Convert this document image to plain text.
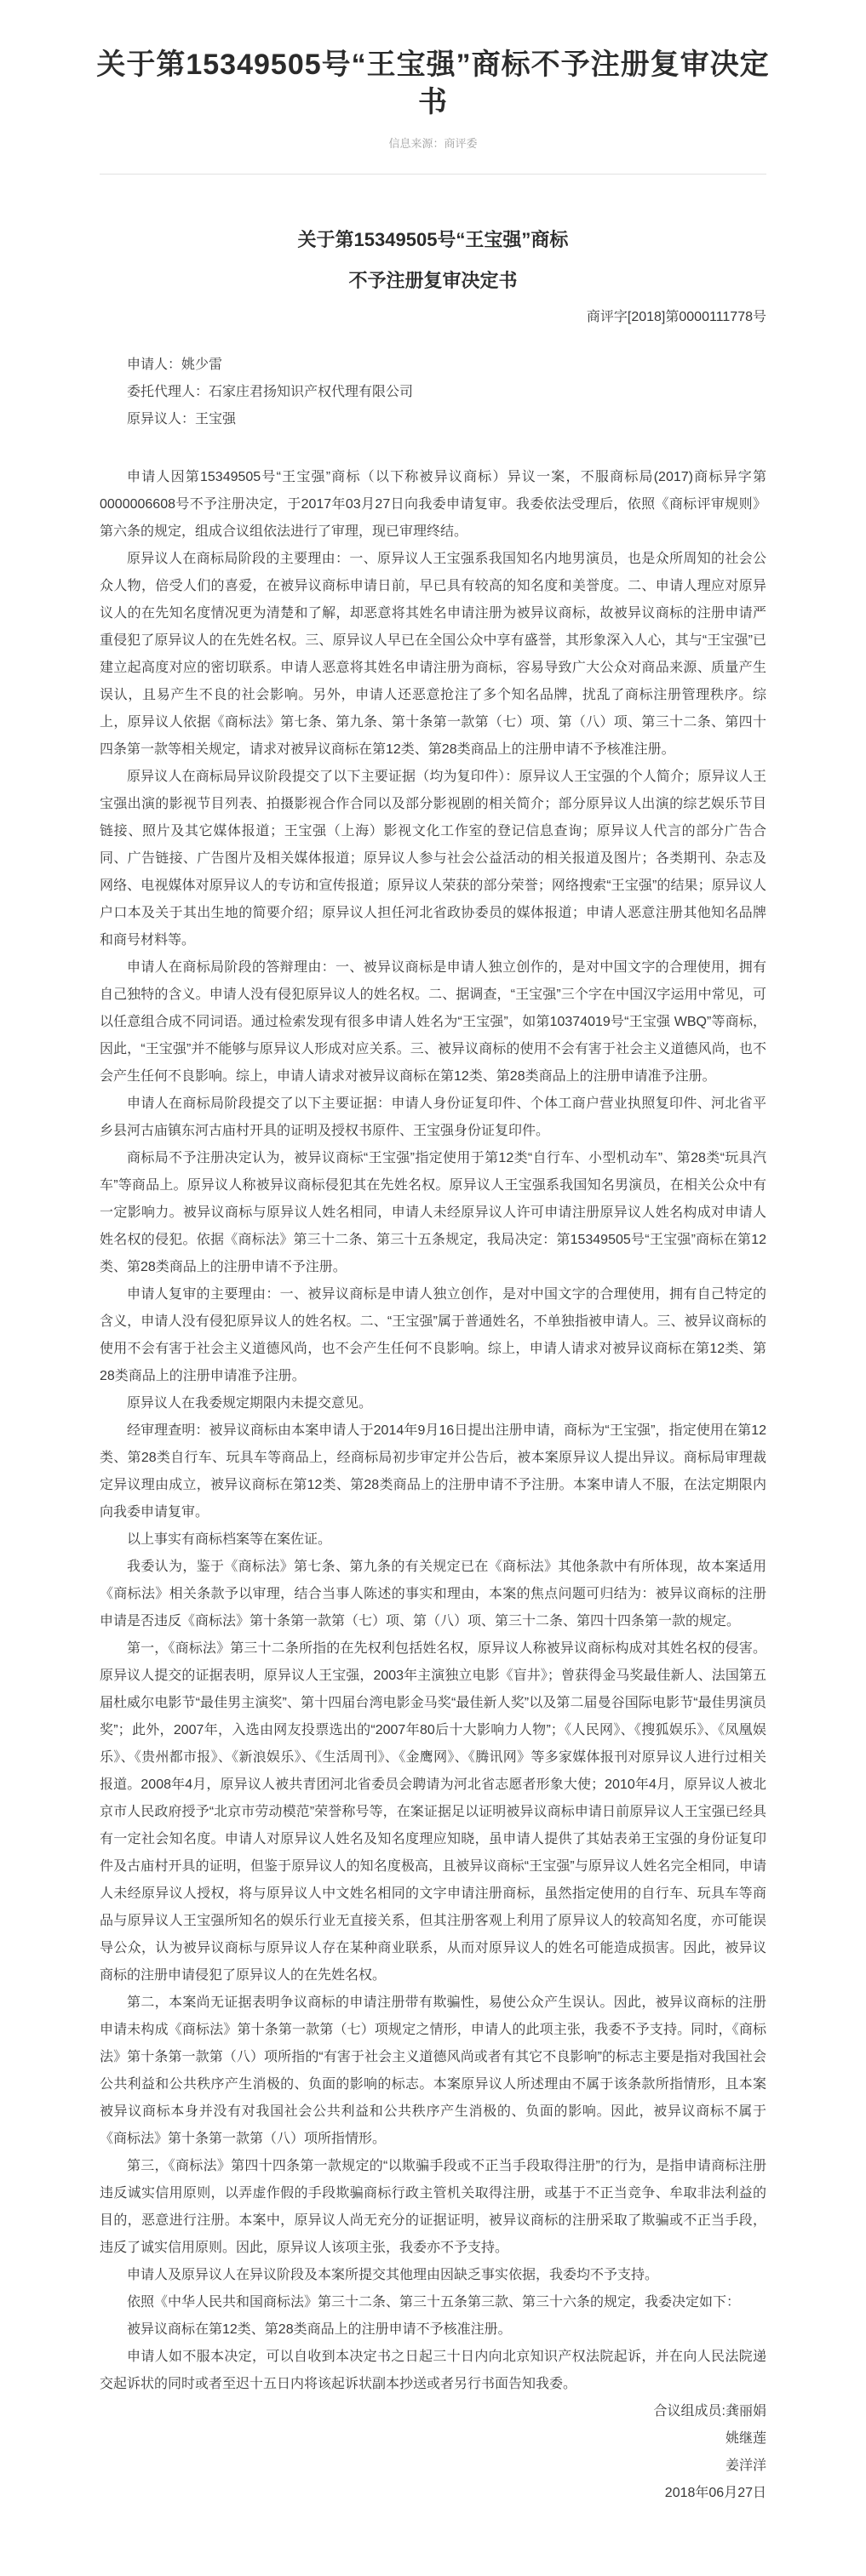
关于第15349505号“王宝强”商标不予注册复审决定书
信息来源：商评委
关于第15349505号“王宝强”商标
不予注册复审决定书

商评字[2018]第0000111778号

申请人：姚少雷

委托代理人：石家庄君扬知识产权代理有限公司

原异议人：王宝强

申请人因第15349505号“王宝强”商标（以下称被异议商标）异议一案，不服商标局(2017)商标异字第0000006608号不予注册决定，于2017年03月27日向我委申请复审。我委依法受理后，依照《商标评审规则》第六条的规定，组成合议组依法进行了审理，现已审理终结。

原异议人在商标局阶段的主要理由：一、原异议人王宝强系我国知名内地男演员，也是众所周知的社会公众人物，倍受人们的喜爱，在被异议商标申请日前，早已具有较高的知名度和美誉度。二、申请人理应对原异议人的在先知名度情况更为清楚和了解，却恶意将其姓名申请注册为被异议商标，故被异议商标的注册申请严重侵犯了原异议人的在先姓名权。三、原异议人早已在全国公众中享有盛誉，其形象深入人心，其与“王宝强”已建立起高度对应的密切联系。申请人恶意将其姓名申请注册为商标，容易导致广大公众对商品来源、质量产生误认，且易产生不良的社会影响。另外，申请人还恶意抢注了多个知名品牌，扰乱了商标注册管理秩序。综上，原异议人依据《商标法》第七条、第九条、第十条第一款第（七）项、第（八）项、第三十二条、第四十四条第一款等相关规定，请求对被异议商标在第12类、第28类商品上的注册申请不予核准注册。

原异议人在商标局异议阶段提交了以下主要证据（均为复印件）：原异议人王宝强的个人简介；原异议人王宝强出演的影视节目列表、拍摄影视合作合同以及部分影视剧的相关简介；部分原异议人出演的综艺娱乐节目链接、照片及其它媒体报道；王宝强（上海）影视文化工作室的登记信息查询；原异议人代言的部分广告合同、广告链接、广告图片及相关媒体报道；原异议人参与社会公益活动的相关报道及图片；各类期刊、杂志及网络、电视媒体对原异议人的专访和宣传报道；原异议人荣获的部分荣誉；网络搜索“王宝强”的结果；原异议人户口本及关于其出生地的简要介绍；原异议人担任河北省政协委员的媒体报道；申请人恶意注册其他知名品牌和商号材料等。

申请人在商标局阶段的答辩理由：一、被异议商标是申请人独立创作的，是对中国文字的合理使用，拥有自己独特的含义。申请人没有侵犯原异议人的姓名权。二、据调查，“王宝强”三个字在中国汉字运用中常见，可以任意组合成不同词语。通过检索发现有很多申请人姓名为“王宝强”，如第10374019号“王宝强 WBQ”等商标，因此，“王宝强”并不能够与原异议人形成对应关系。三、被异议商标的使用不会有害于社会主义道德风尚，也不会产生任何不良影响。综上，申请人请求对被异议商标在第12类、第28类商品上的注册申请准予注册。

申请人在商标局阶段提交了以下主要证据：申请人身份证复印件、个体工商户营业执照复印件、河北省平乡县河古庙镇东河古庙村开具的证明及授权书原件、王宝强身份证复印件。

商标局不予注册决定认为，被异议商标“王宝强”指定使用于第12类“自行车、小型机动车”、第28类“玩具汽车”等商品上。原异议人称被异议商标侵犯其在先姓名权。原异议人王宝强系我国知名男演员，在相关公众中有一定影响力。被异议商标与原异议人姓名相同，申请人未经原异议人许可申请注册原异议人姓名构成对申请人姓名权的侵犯。依据《商标法》第三十二条、第三十五条规定，我局决定：第15349505号“王宝强”商标在第12类、第28类商品上的注册申请不予注册。

申请人复审的主要理由：一、被异议商标是申请人独立创作，是对中国文字的合理使用，拥有自己特定的含义，申请人没有侵犯原异议人的姓名权。二、“王宝强”属于普通姓名，不单独指被申请人。三、被异议商标的使用不会有害于社会主义道德风尚，也不会产生任何不良影响。综上，申请人请求对被异议商标在第12类、第28类商品上的注册申请准予注册。

原异议人在我委规定期限内未提交意见。

经审理查明：被异议商标由本案申请人于2014年9月16日提出注册申请，商标为“王宝强”，指定使用在第12类、第28类自行车、玩具车等商品上，经商标局初步审定并公告后，被本案原异议人提出异议。商标局审理裁定异议理由成立，被异议商标在第12类、第28类商品上的注册申请不予注册。本案申请人不服，在法定期限内向我委申请复审。

以上事实有商标档案等在案佐证。

我委认为，鉴于《商标法》第七条、第九条的有关规定已在《商标法》其他条款中有所体现，故本案适用《商标法》相关条款予以审理，结合当事人陈述的事实和理由，本案的焦点问题可归结为：被异议商标的注册申请是否违反《商标法》第十条第一款第（七）项、第（八）项、第三十二条、第四十四条第一款的规定。

第一，《商标法》第三十二条所指的在先权利包括姓名权，原异议人称被异议商标构成对其姓名权的侵害。原异议人提交的证据表明，原异议人王宝强，2003年主演独立电影《盲井》；曾获得金马奖最佳新人、法国第五届杜威尔电影节“最佳男主演奖”、第十四届台湾电影金马奖“最佳新人奖”以及第二届曼谷国际电影节“最佳男演员奖”；此外，2007年，入选由网友投票选出的“2007年80后十大影响力人物”；《人民网》、《搜狐娱乐》、《凤凰娱乐》、《贵州都市报》、《新浪娱乐》、《生活周刊》、《金鹰网》、《腾讯网》等多家媒体报刊对原异议人进行过相关报道。2008年4月，原异议人被共青团河北省委员会聘请为河北省志愿者形象大使；2010年4月，原异议人被北京市人民政府授予“北京市劳动模范”荣誉称号等，在案证据足以证明被异议商标申请日前原异议人王宝强已经具有一定社会知名度。申请人对原异议人姓名及知名度理应知晓，虽申请人提供了其姑表弟王宝强的身份证复印件及古庙村开具的证明，但鉴于原异议人的知名度极高，且被异议商标“王宝强”与原异议人姓名完全相同，申请人未经原异议人授权，将与原异议人中文姓名相同的文字申请注册商标，虽然指定使用的自行车、玩具车等商品与原异议人王宝强所知名的娱乐行业无直接关系，但其注册客观上利用了原异议人的较高知名度，亦可能误导公众，认为被异议商标与原异议人存在某种商业联系，从而对原异议人的姓名可能造成损害。因此，被异议商标的注册申请侵犯了原异议人的在先姓名权。

第二，本案尚无证据表明争议商标的申请注册带有欺骗性，易使公众产生误认。因此，被异议商标的注册申请未构成《商标法》第十条第一款第（七）项规定之情形，申请人的此项主张，我委不予支持。同时，《商标法》第十条第一款第（八）项所指的“有害于社会主义道德风尚或者有其它不良影响”的标志主要是指对我国社会公共利益和公共秩序产生消极的、负面的影响的标志。本案原异议人所述理由不属于该条款所指情形，且本案被异议商标本身并没有对我国社会公共利益和公共秩序产生消极的、负面的影响。因此，被异议商标不属于《商标法》第十条第一款第（八）项所指情形。

第三，《商标法》第四十四条第一款规定的“以欺骗手段或不正当手段取得注册”的行为，是指申请商标注册违反诚实信用原则，以弄虚作假的手段欺骗商标行政主管机关取得注册，或基于不正当竞争、牟取非法利益的目的，恶意进行注册。本案中，原异议人尚无充分的证据证明，被异议商标的注册采取了欺骗或不正当手段，违反了诚实信用原则。因此，原异议人该项主张，我委亦不予支持。

申请人及原异议人在异议阶段及本案所提交其他理由因缺乏事实依据，我委均不予支持。

依照《中华人民共和国商标法》第三十二条、第三十五条第三款、第三十六条的规定，我委决定如下：

被异议商标在第12类、第28类商品上的注册申请不予核准注册。

申请人如不服本决定，可以自收到本决定书之日起三十日内向北京知识产权法院起诉，并在向人民法院递交起诉状的同时或者至迟十五日内将该起诉状副本抄送或者另行书面告知我委。

合议组成员:龚丽娟

姚继莲

姜洋洋

2018年06月27日
